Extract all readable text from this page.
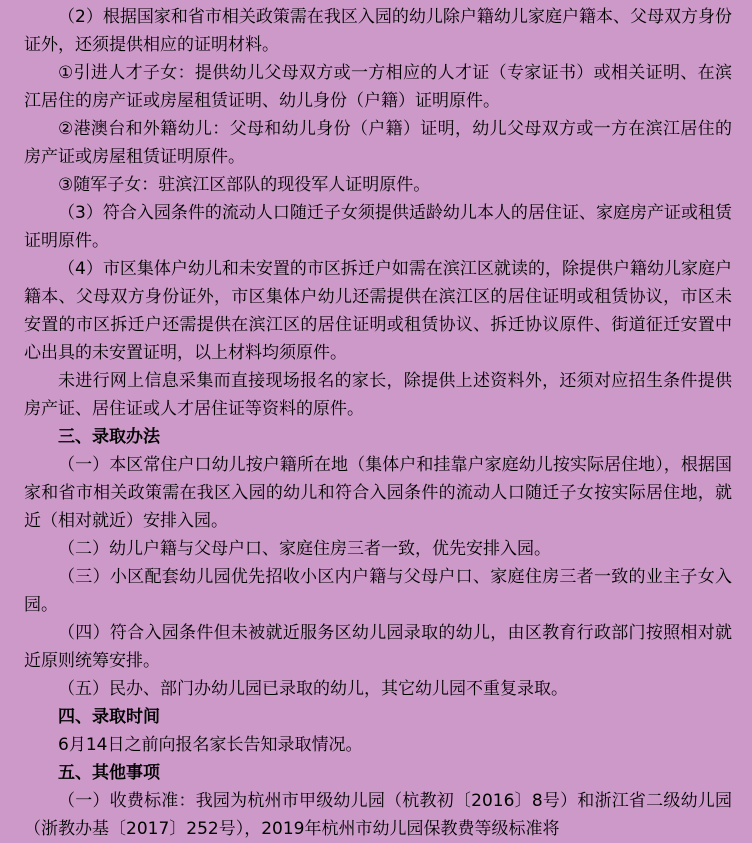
（2）根据国家和省市相关政策需在我区入园的幼儿除户籍幼儿家庭户籍本、父母双方身份证外，还须提供相应的证明材料。

①引进人才子女：提供幼儿父母双方或一方相应的人才证（专家证书）或相关证明、在滨江居住的房产证或房屋租赁证明、幼儿身份（户籍）证明原件。

②港澳台和外籍幼儿：父母和幼儿身份（户籍）证明，幼儿父母双方或一方在滨江居住的房产证或房屋租赁证明原件。

③随军子女：驻滨江区部队的现役军人证明原件。

（3）符合入园条件的流动人口随迁子女须提供适龄幼儿本人的居住证、家庭房产证或租赁证明原件。

（4）市区集体户幼儿和未安置的市区拆迁户如需在滨江区就读的，除提供户籍幼儿家庭户籍本、父母双方身份证外，市区集体户幼儿还需提供在滨江区的居住证明或租赁协议，市区未安置的市区拆迁户还需提供在滨江区的居住证明或租赁协议、拆迁协议原件、街道征迁安置中心出具的未安置证明，以上材料均须原件。

未进行网上信息采集而直接现场报名的家长，除提供上述资料外，还须对应招生条件提供房产证、居住证或人才居住证等资料的原件。

三、录取办法

（一）本区常住户口幼儿按户籍所在地（集体户和挂靠户家庭幼儿按实际居住地），根据国家和省市相关政策需在我区入园的幼儿和符合入园条件的流动人口随迁子女按实际居住地，就近（相对就近）安排入园。

（二）幼儿户籍与父母户口、家庭住房三者一致，优先安排入园。

（三）小区配套幼儿园优先招收小区内户籍与父母户口、家庭住房三者一致的业主子女入园。

（四）符合入园条件但未被就近服务区幼儿园录取的幼儿，由区教育行政部门按照相对就近原则统筹安排。

（五）民办、部门办幼儿园已录取的幼儿，其它幼儿园不重复录取。

四、录取时间

6月14日之前向报名家长告知录取情况。

五、其他事项

（一）收费标准：我园为杭州市甲级幼儿园（杭教初〔2016〕8号）和浙江省二级幼儿园（浙教办基〔2017〕252号），2019年杭州市幼儿园保教费等级标准将
